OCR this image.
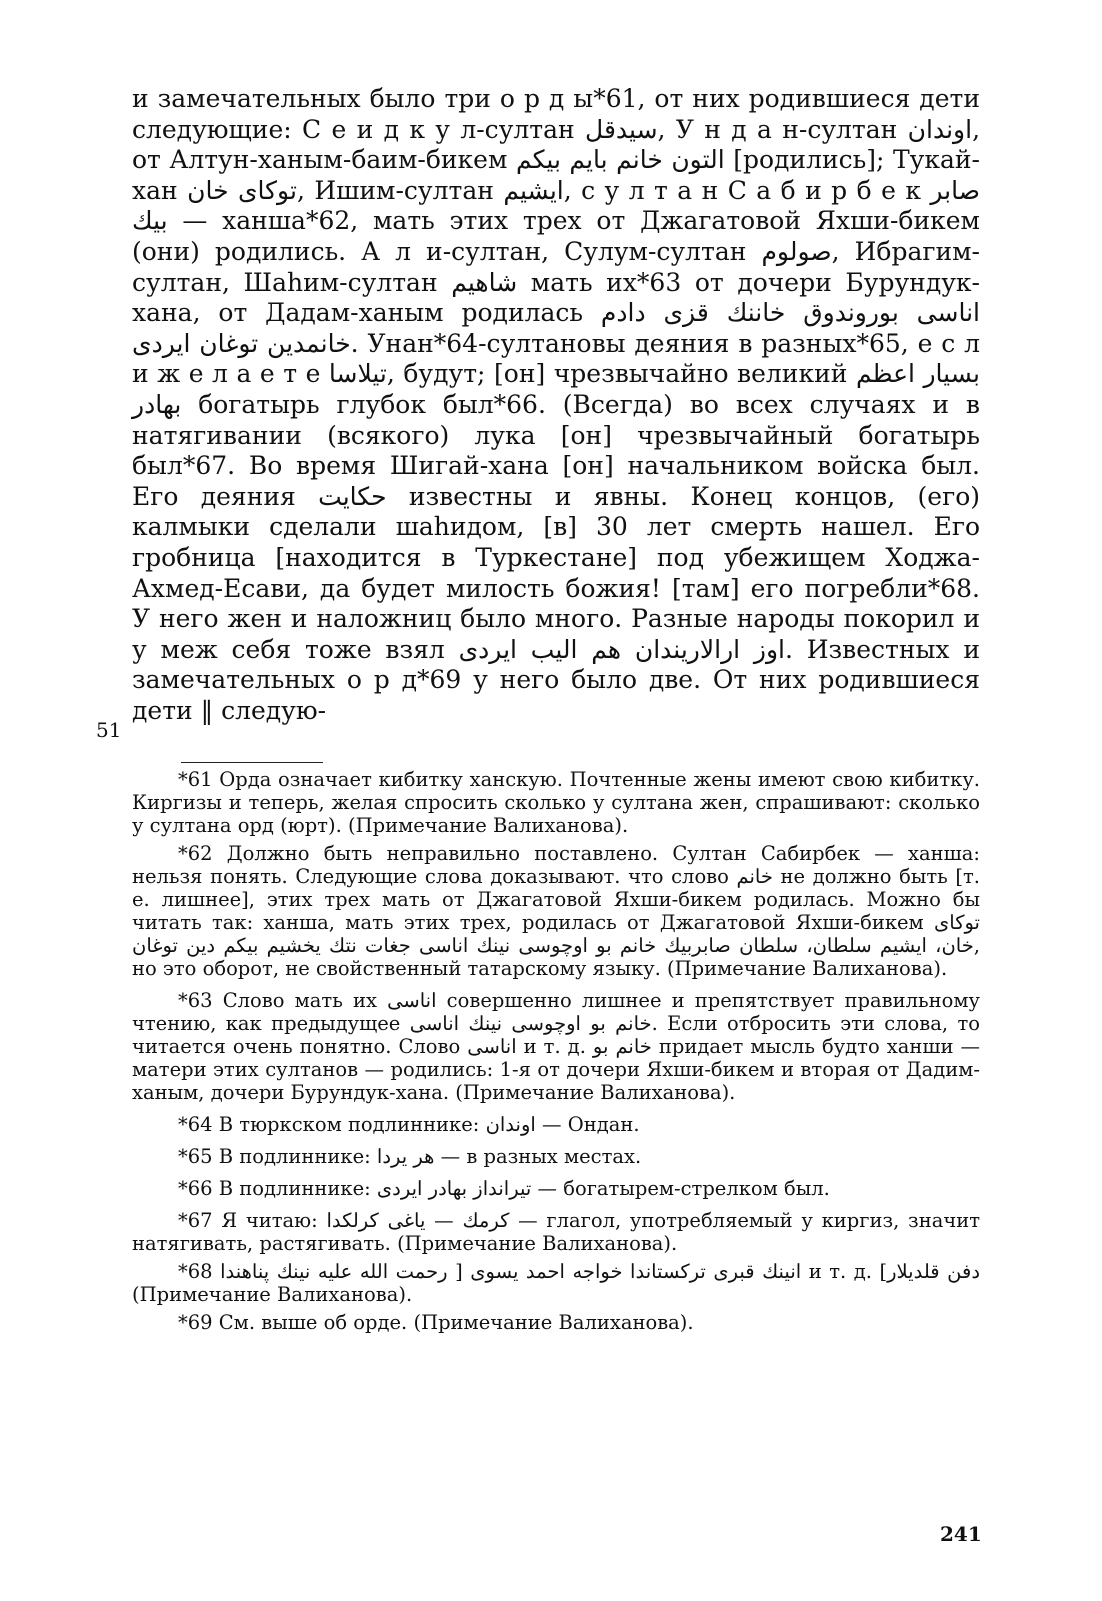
и замечательных было три о р д ы*61, от них родившиеся дети следующие: С е и д к у л-султан سيدقل, У н д а н-султан اوندان, от Алтун-ханым-баим-бикем التون خانم بايم بيكم [родились]; Тукай-хан توكاى خان, Ишим-султан ايشيم, с у л т а н С а б и р б е к صابر بيك — ханша*62, мать этих трех от Джагатовой Яхши-бикем (они) родились. А л и-султан, Сулум-султан صولوم, Ибрагим-султан, Шаһим-султан شاهيم мать их*63 от дочери Бурундук-хана, от Дадам-ханым родилась اناسى بوروندوق خاننك قزى دادم خانمدين توغان ايردى. Унан*64-султановы деяния в разных*65, е с л и ж е л а е т е تيلاسا, будут; [он] чрезвычайно великий بسيار اعظم بهادر богатырь глубок был*66. (Всегда) во всех случаях и в натягивании (всякого) лука [он] чрезвычайный богатырь был*67. Во время Шигай-хана [он] начальником войска был. Его деяния حكايت известны и явны. Конец концов, (его) калмыки сделали шаһидом, [в] 30 лет смерть нашел. Его гробница [находится в Туркестане] под убежищем Ходжа-Ахмед-Есави, да будет милость божия! [там] его погребли*68. У него жен и наложниц было много. Разные народы покорил и у меж себя тоже взял اوز ارالاريندان هم اليب ايردى. Известных и замечательных о р д*69 у него было две. От них родившиеся дети ‖ следую-

51

*61 Орда означает кибитку ханскую. Почтенные жены имеют свою кибитку. Киргизы и теперь, желая спросить сколько у султана жен, спрашивают: сколько у султана орд (юрт). (Примечание Валиханова).

*62 Должно быть неправильно поставлено. Султан Сабирбек — ханша: нельзя понять. Следующие слова доказывают. что слово خانم не должно быть [т. е. лишнее], этих трех мать от Джагатовой Яхши-бикем родилась. Можно бы читать так: ханша, мать этих трех, родилась от Джагатовой Яхши-бикем توكاى خان، ايشيم سلطان، سلطان صابربيك خانم بو اوچوسى نينك اناسى جغات نتك يخشيم بيكم دين توغان, но это оборот, не свойственный татарскому языку. (Примечание Валиханова).

*63 Слово мать их اناسى совершенно лишнее и препятствует правильному чтению, как предыдущее خانم بو اوچوسى نينك اناسى. Если отбросить эти слова, то читается очень понятно. Слово اناسى и т. д. خانم بو придает мысль будто ханши — матери этих султанов — родились: 1-я от дочери Яхши-бикем и вторая от Дадим-ханым, дочери Бурундук-хана. (Примечание Валиханова).

*64 В тюркском подлиннике: اوندان — Ондан.

*65 В подлиннике: هر يردا — в разных местах.

*66 В подлиннике: تيرانداز بهادر ايردى — богатырем-стрелком был.

*67 Я читаю: كرمك — ياغى كرلكدا — глагол, употребляемый у киргиз, значит натягивать, растягивать. (Примечание Валиханова).

*68 انينك قبرى تركستاندا خواجه احمد يسوى [ رحمت الله عليه نينك پناهندا и т. д. [دفن قلديلار (Примечание Валиханова).

*69 См. выше об орде. (Примечание Валиханова).

241
